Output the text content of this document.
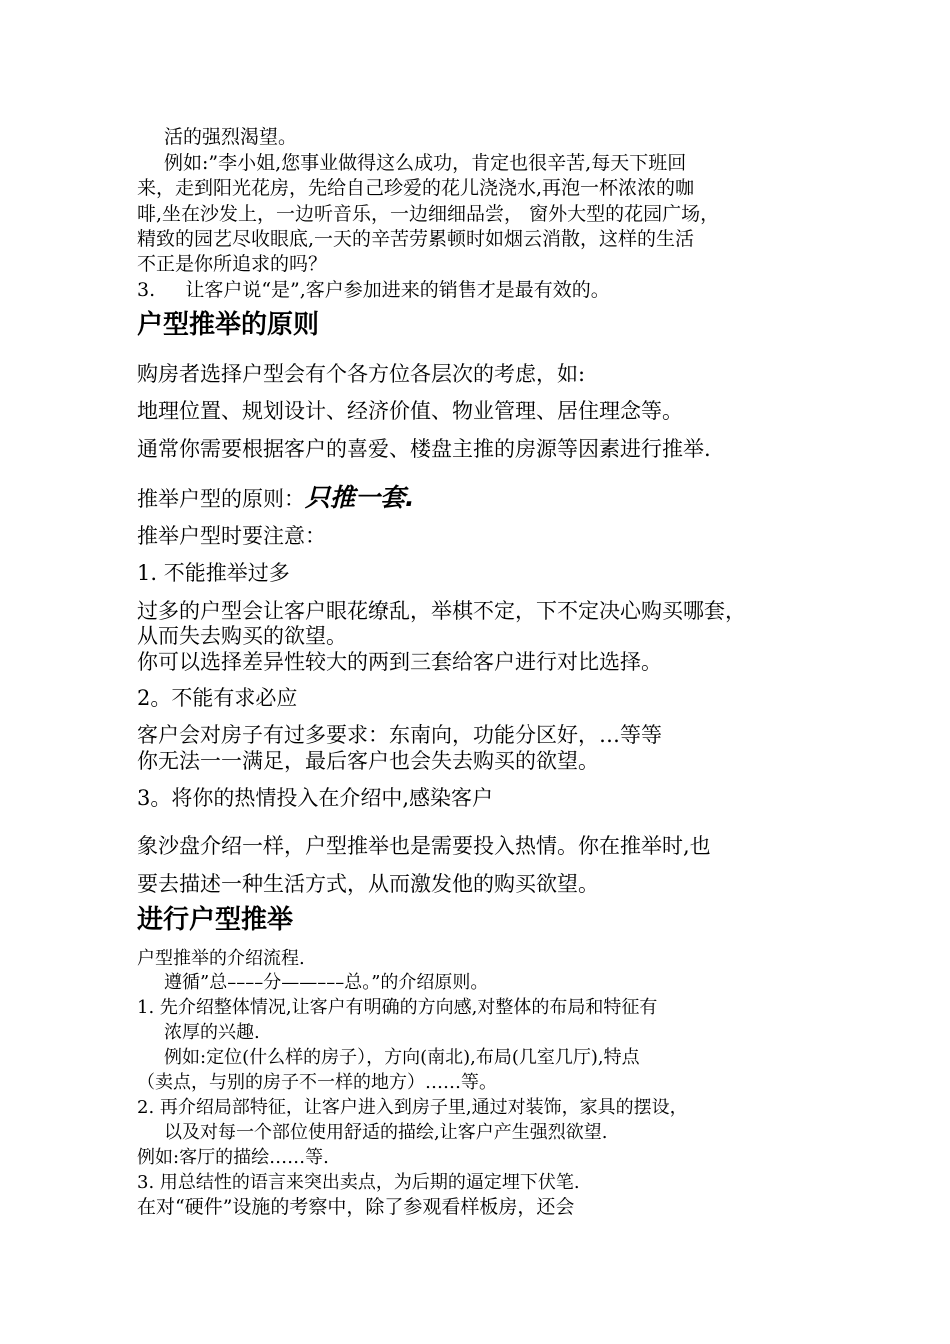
活的强烈渴望。
例如:”李小姐,您事业做得这么成功，肯定也很辛苦,每天下班回
来，走到阳光花房，先给自己珍爱的花儿浇浇水,再泡一杯浓浓的咖
啡,坐在沙发上，一边听音乐，一边细细品尝， 窗外大型的花园广场，
精致的园艺尽收眼底,一天的辛苦劳累顿时如烟云消散，这样的生活
不正是你所追求的吗？
3.     让客户说“是”,客户参加进来的销售才是最有效的。
户型推举的原则
购房者选择户型会有个各方位各层次的考虑，如:
地理位置、规划设计、经济价值、物业管理、居住理念等。
通常你需要根据客户的喜爱、楼盘主推的房源等因素进行推举.
推举户型的原则：只推一套.
推举户型时要注意：
1. 不能推举过多
过多的户型会让客户眼花缭乱，举棋不定，下不定决心购买哪套，
从而失去购买的欲望。
你可以选择差异性较大的两到三套给客户进行对比选择。
2。不能有求必应
客户会对房子有过多要求：东南向，功能分区好，…等等
你无法一一满足，最后客户也会失去购买的欲望。
3。将你的热情投入在介绍中,感染客户
象沙盘介绍一样，户型推举也是需要投入热情。你在推举时,也
要去描述一种生活方式，从而激发他的购买欲望。
进行户型推举
户型推举的介绍流程.
遵循”总––––分——–––总。”的介绍原则。
1. 先介绍整体情况,让客户有明确的方向感,对整体的布局和特征有
浓厚的兴趣.
例如:定位(什么样的房子），方向(南北),布局(几室几厅),特点
（卖点，与别的房子不一样的地方）……等。
2. 再介绍局部特征，让客户进入到房子里,通过对装饰，家具的摆设，
以及对每一个部位使用舒适的描绘,让客户产生强烈欲望.
例如:客厅的描绘……等.
3. 用总结性的语言来突出卖点，为后期的逼定埋下伏笔.
在对“硬件”设施的考察中，除了参观看样板房，还会
